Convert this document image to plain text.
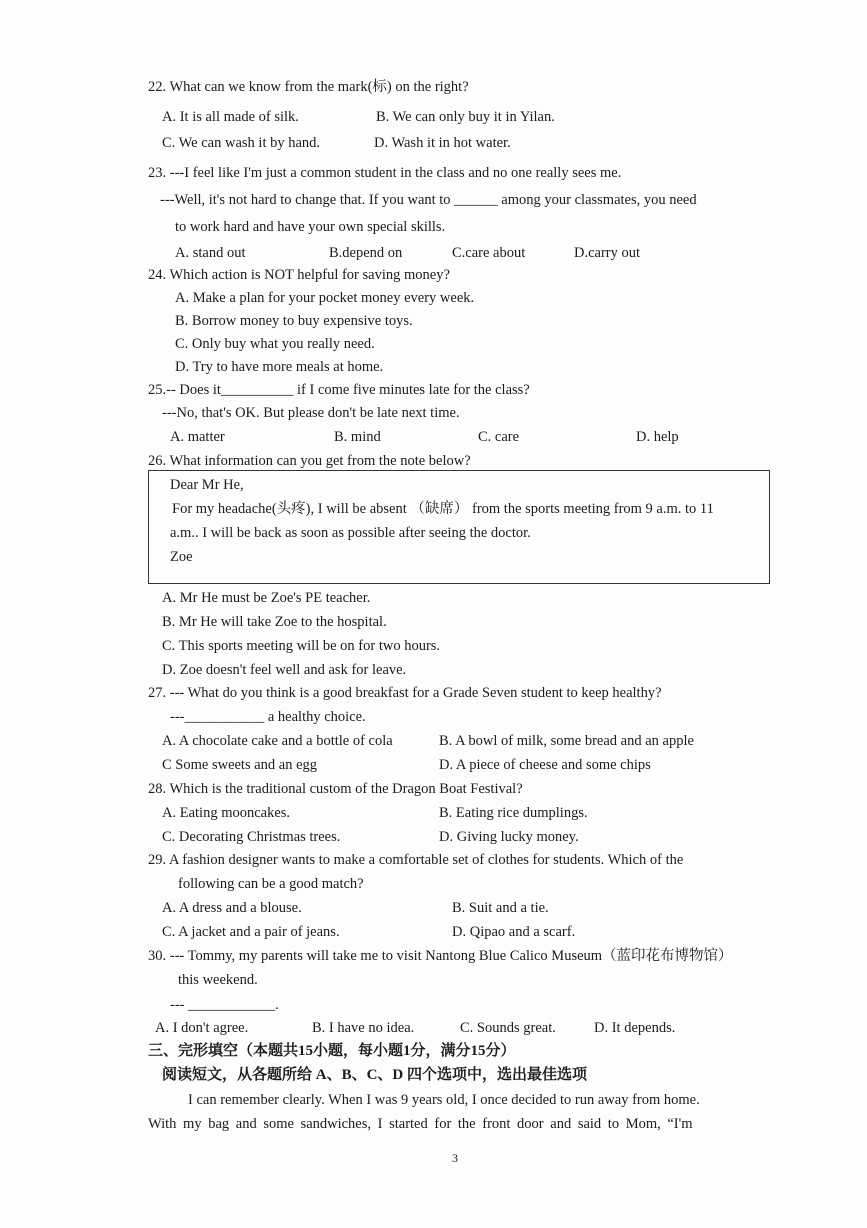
22. What can we know from the mark(标) on the right?
A. It is all made of silk.	B. We can only buy it in Yilan.
C. We can wash it by hand.	D. Wash it in hot water.
23. ---I feel like I'm just a common student in the class and no one really sees me.
---Well, it's not hard to change that. If you want to ______ among your classmates, you need
to work hard and have your own special skills.
A. stand out	B.depend on	C.care about	D.carry out
24. Which action is NOT helpful for saving money?
A. Make a plan for your pocket money every week.
B. Borrow money to buy expensive toys.
C. Only buy what you really need.
D. Try to have more meals at home.
25.-- Does it__________ if I come five minutes late for the class?
---No, that's OK. But please don't be late next time.
A. matter	B. mind	C. care	D. help
26. What information can you get from the note below?
Dear Mr He,
For my headache(头疼), I will be absent （缺席） from the sports meeting from 9 a.m. to 11
a.m.. I will be back as soon as possible after seeing the doctor.
Zoe
A. Mr He must be Zoe's PE teacher.
B. Mr He will take Zoe to the hospital.
C. This sports meeting will be on for two hours.
D. Zoe doesn't feel well and ask for leave.
27. --- What do you think is a good breakfast for a Grade Seven student to keep healthy?
---___________ a healthy choice.
A. A chocolate cake and a bottle of cola	B. A bowl of milk, some bread and an apple
C Some sweets and an egg	D. A piece of cheese and some chips
28. Which is the traditional custom of the Dragon Boat Festival?
A. Eating mooncakes.	B. Eating rice dumplings.
C. Decorating Christmas trees.	D. Giving lucky money.
29. A fashion designer wants to make a comfortable set of clothes for students. Which of the
following can be a good match?
A. A dress and a blouse.	B. Suit and a tie.
C. A jacket and a pair of jeans.	D. Qipao and a scarf.
30. --- Tommy, my parents will take me to visit Nantong Blue Calico Museum（蓝印花布博物馆）
this weekend.
--- ____________.
A. I don't agree.	B. I have no idea.	C. Sounds great.	D. It depends.
三、完形填空（本题共15小题，每小题1分，满分15分）
阅读短文，从各题所给 A、B、C、D 四个选项中，选出最佳选项
I can remember clearly. When I was 9 years old, I once decided to run away from home.
With my bag and some sandwiches, I started for the front door and said to Mom, “I'm
3
